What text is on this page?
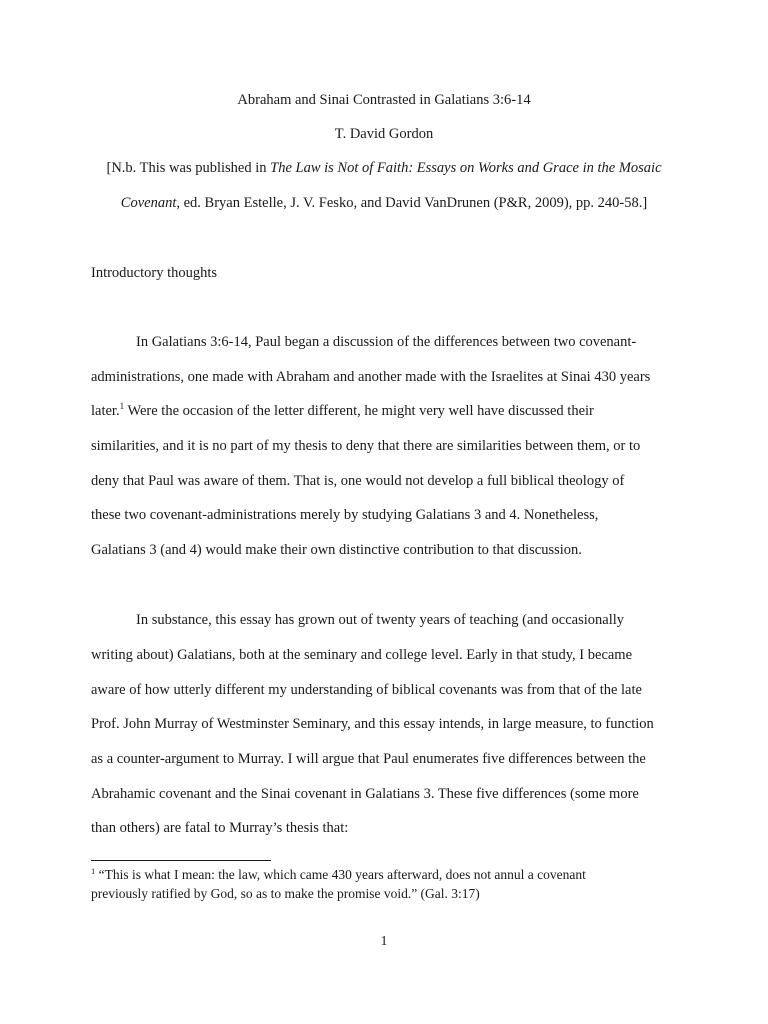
Abraham and Sinai Contrasted in Galatians 3:6-14
T. David Gordon
[N.b. This was published in The Law is Not of Faith: Essays on Works and Grace in the Mosaic
Covenant, ed. Bryan Estelle, J. V. Fesko, and David VanDrunen (P&R, 2009), pp. 240-58.]
Introductory thoughts
In Galatians 3:6-14, Paul began a discussion of the differences between two covenant-
administrations, one made with Abraham and another made with the Israelites at Sinai 430 years
later.$^1$ Were the occasion of the letter different, he might very well have discussed their
similarities, and it is no part of my thesis to deny that there are similarities between them, or to
deny that Paul was aware of them. That is, one would not develop a full biblical theology of
these two covenant-administrations merely by studying Galatians 3 and 4. Nonetheless,
Galatians 3 (and 4) would make their own distinctive contribution to that discussion.
In substance, this essay has grown out of twenty years of teaching (and occasionally
writing about) Galatians, both at the seminary and college level. Early in that study, I became
aware of how utterly different my understanding of biblical covenants was from that of the late
Prof. John Murray of Westminster Seminary, and this essay intends, in large measure, to function
as a counter-argument to Murray. I will argue that Paul enumerates five differences between the
Abrahamic covenant and the Sinai covenant in Galatians 3. These five differences (some more
than others) are fatal to Murray’s thesis that:
$^1$ “This is what I mean: the law, which came 430 years afterward, does not annul a covenant
previously ratified by God, so as to make the promise void.” (Gal. 3:17)
1
